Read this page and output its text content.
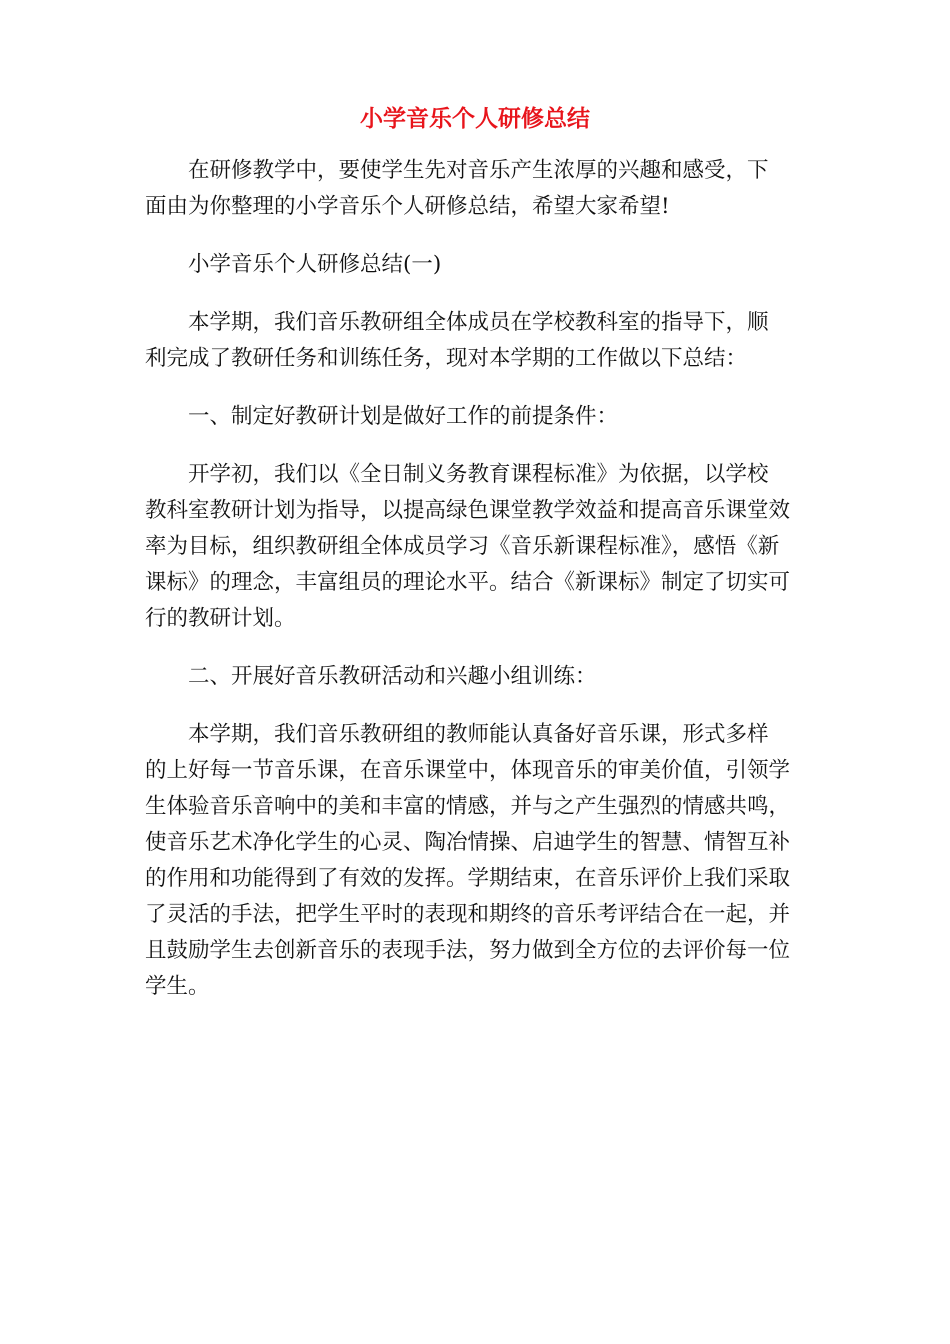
小学音乐个人研修总结

在研修教学中，要使学生先对音乐产生浓厚的兴趣和感受，下
面由为你整理的小学音乐个人研修总结，希望大家希望!

小学音乐个人研修总结(一)

本学期，我们音乐教研组全体成员在学校教科室的指导下，顺
利完成了教研任务和训练任务，现对本学期的工作做以下总结：

一、制定好教研计划是做好工作的前提条件：

开学初，我们以《全日制义务教育课程标准》为依据，以学校
教科室教研计划为指导，以提高绿色课堂教学效益和提高音乐课堂效
率为目标，组织教研组全体成员学习《音乐新课程标准》，感悟《新
课标》的理念，丰富组员的理论水平。结合《新课标》制定了切实可
行的教研计划。

二、开展好音乐教研活动和兴趣小组训练：

本学期，我们音乐教研组的教师能认真备好音乐课，形式多样
的上好每一节音乐课，在音乐课堂中，体现音乐的审美价值，引领学
生体验音乐音响中的美和丰富的情感，并与之产生强烈的情感共鸣，
使音乐艺术净化学生的心灵、陶冶情操、启迪学生的智慧、情智互补
的作用和功能得到了有效的发挥。学期结束，在音乐评价上我们采取
了灵活的手法，把学生平时的表现和期终的音乐考评结合在一起，并
且鼓励学生去创新音乐的表现手法，努力做到全方位的去评价每一位
学生。
